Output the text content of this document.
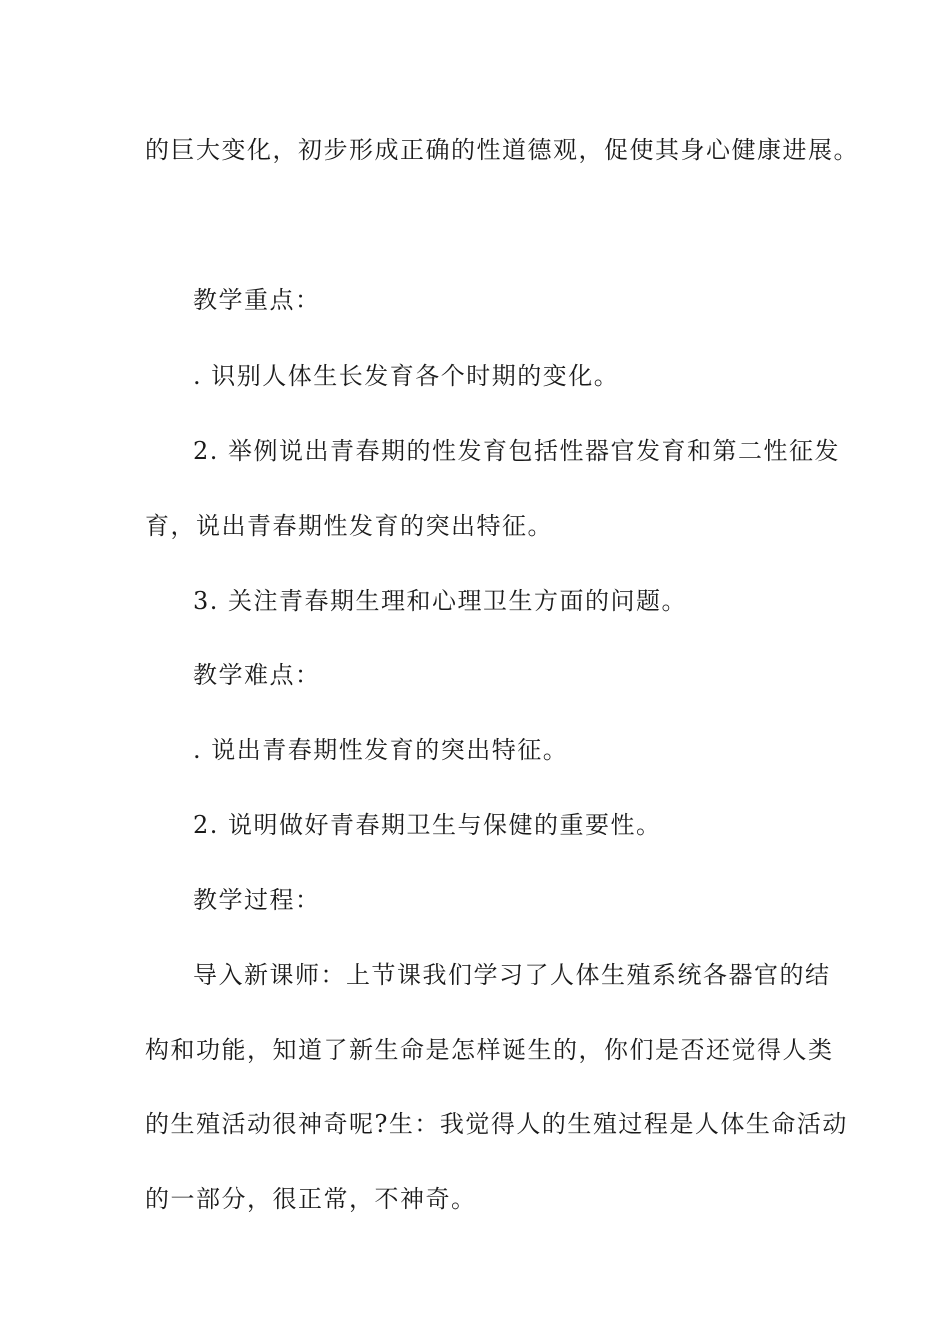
的巨大变化，初步形成正确的性道德观，促使其身心健康进展。
教学重点：
. 识别人体生长发育各个时期的变化。
2. 举例说出青春期的性发育包括性器官发育和第二性征发
育，说出青春期性发育的突出特征。
3. 关注青春期生理和心理卫生方面的问题。
教学难点：
. 说出青春期性发育的突出特征。
2. 说明做好青春期卫生与保健的重要性。
教学过程：
导入新课师：上节课我们学习了人体生殖系统各器官的结
构和功能，知道了新生命是怎样诞生的，你们是否还觉得人类
的生殖活动很神奇呢?生：我觉得人的生殖过程是人体生命活动
的一部分，很正常，不神奇。
